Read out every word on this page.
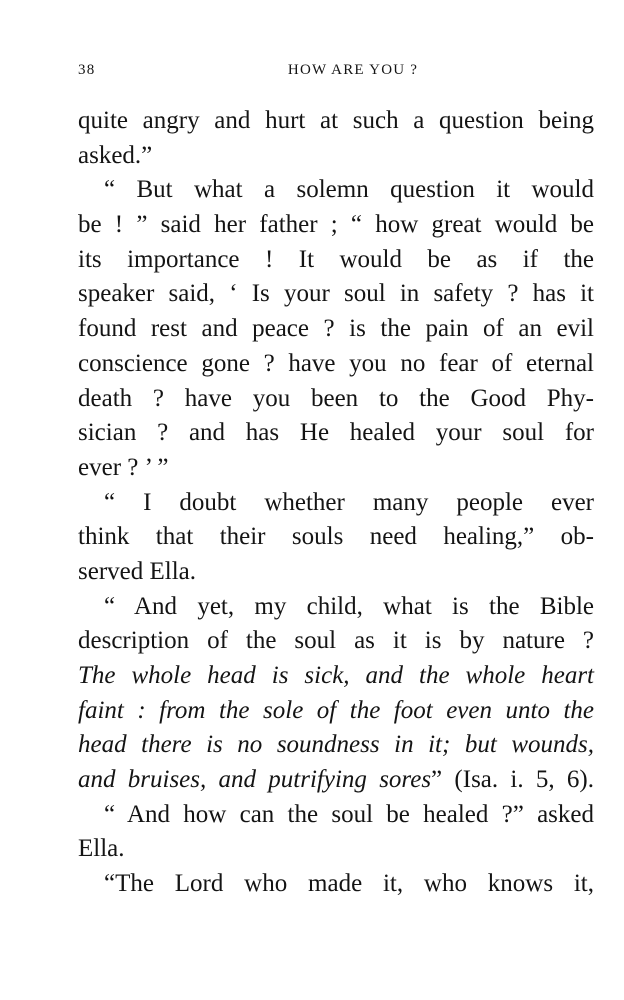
38	HOW ARE YOU ?
quite angry and hurt at such a question being
asked.”
“ But what a solemn question it would
be ! ” said her father ; “ how great would be
its importance ! It would be as if the
speaker said, ‘ Is your soul in safety ? has it
found rest and peace ? is the pain of an evil
conscience gone ? have you no fear of eternal
death ? have you been to the Good Phy-
sician ? and has He healed your soul for
ever ? ’ ”
“ I doubt whether many people ever
think that their souls need healing,” ob-
served Ella.
“ And yet, my child, what is the Bible
description of the soul as it is by nature ?
The whole head is sick, and the whole heart
faint : from the sole of the foot even unto the
head there is no soundness in it; but wounds,
and bruises, and putrifying sores” (Isa. i. 5, 6).
“ And how can the soul be healed ?” asked
Ella.
“The Lord who made it, who knows it,
